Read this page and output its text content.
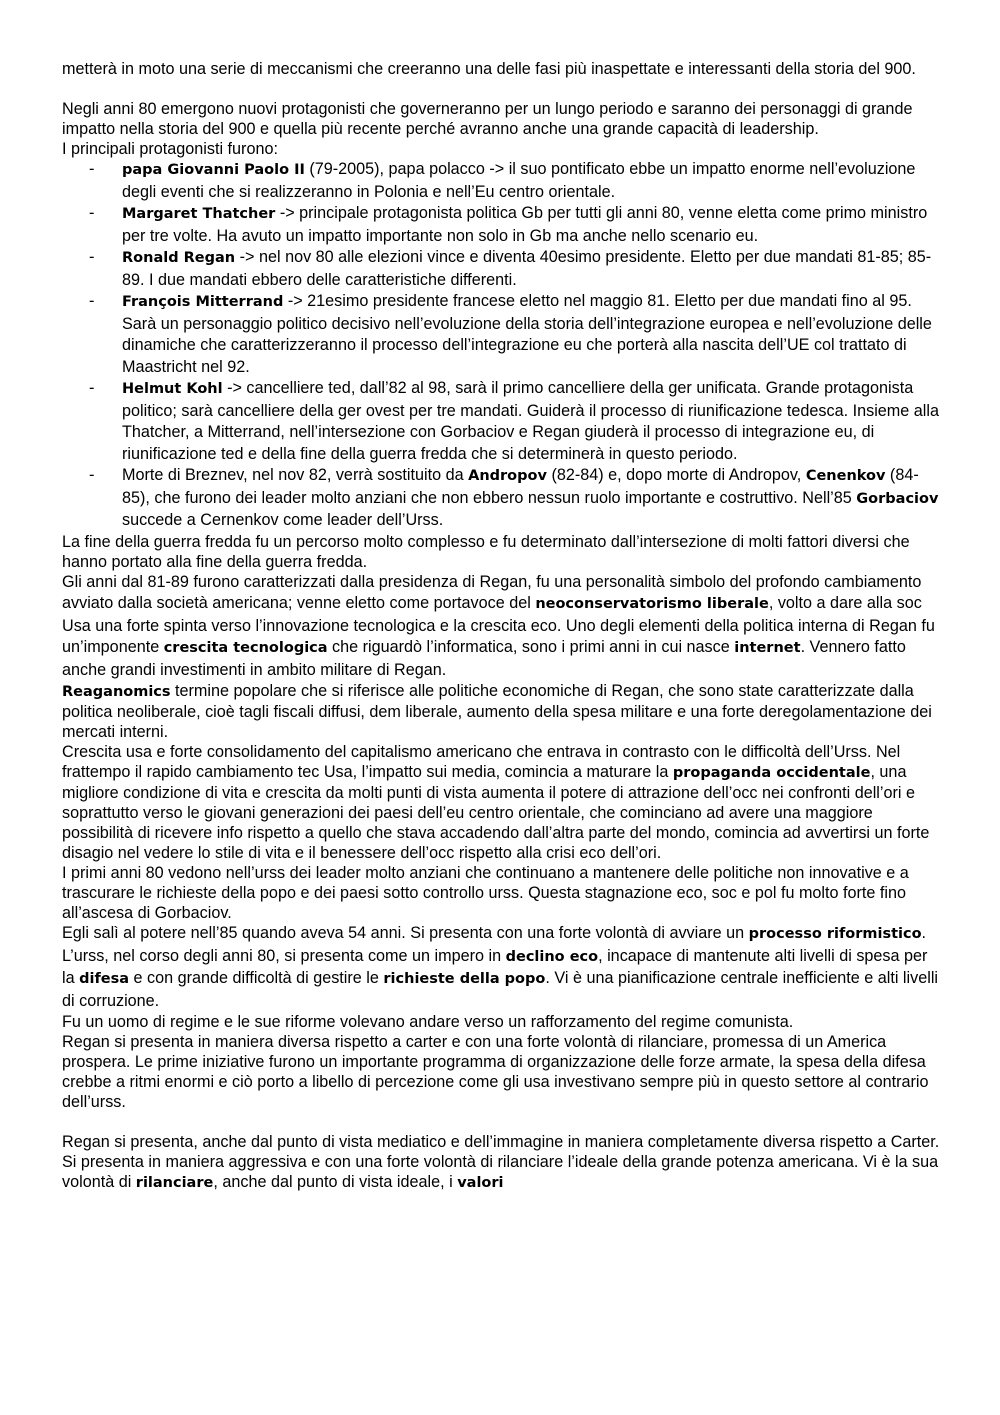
metterà in moto una serie di meccanismi che creeranno una delle fasi più inaspettate e interessanti della storia del 900.

Negli anni 80 emergono nuovi protagonisti che governeranno per un lungo periodo e saranno dei personaggi di grande impatto nella storia del 900 e quella più recente perché avranno anche una grande capacità di leadership.

I principali protagonisti furono:

- papa Giovanni Paolo II (79-2005), papa polacco -> il suo pontificato ebbe un impatto enorme nell’evoluzione degli eventi che si realizzeranno in Polonia e nell’Eu centro orientale.
- Margaret Thatcher -> principale protagonista politica Gb per tutti gli anni 80, venne eletta come primo ministro per tre volte. Ha avuto un impatto importante non solo in Gb ma anche nello scenario eu.
- Ronald Regan -> nel nov 80 alle elezioni vince e diventa 40esimo presidente. Eletto per due mandati 81-85; 85-89. I due mandati ebbero delle caratteristiche differenti.
- François Mitterrand -> 21esimo presidente francese eletto nel maggio 81. Eletto per due mandati fino al 95. Sarà un personaggio politico decisivo nell’evoluzione della storia dell’integrazione europea e nell’evoluzione delle dinamiche che caratterizzeranno il processo dell’integrazione eu che porterà alla nascita dell’UE col trattato di Maastricht nel 92.
- Helmut Kohl -> cancelliere ted, dall’82 al 98, sarà il primo cancelliere della ger unificata. Grande protagonista politico; sarà cancelliere della ger ovest per tre mandati. Guiderà il processo di riunificazione tedesca. Insieme alla Thatcher, a Mitterrand, nell’intersezione con Gorbaciov e Regan giuderà il processo di integrazione eu, di riunificazione ted e della fine della guerra fredda che si determinerà in questo periodo.
- Morte di Breznev, nel nov 82, verrà sostituito da Andropov (82-84) e, dopo morte di Andropov, Cenenkov (84-85), che furono dei leader molto anziani che non ebbero nessun ruolo importante e costruttivo. Nell’85 Gorbaciov succede a Cernenkov come leader dell’Urss.

La fine della guerra fredda fu un percorso molto complesso e fu determinato dall’intersezione di molti fattori diversi che hanno portato alla fine della guerra fredda.

Gli anni dal 81-89 furono caratterizzati dalla presidenza di Regan, fu una personalità simbolo del profondo cambiamento avviato dalla società americana; venne eletto come portavoce del neoconservatorismo liberale, volto a dare alla soc Usa una forte spinta verso l’innovazione tecnologica e la crescita eco. Uno degli elementi della politica interna di Regan fu un’imponente crescita tecnologica che riguardò l’informatica, sono i primi anni in cui nasce internet. Vennero fatto anche grandi investimenti in ambito militare di Regan.

Reaganomics termine popolare che si riferisce alle politiche economiche di Regan, che sono state caratterizzate dalla politica neoliberale, cioè tagli fiscali diffusi, dem liberale, aumento della spesa militare e una forte deregolamentazione dei mercati interni.

Crescita usa e forte consolidamento del capitalismo americano che entrava in contrasto con le difficoltà dell’Urss. Nel frattempo il rapido cambiamento tec Usa, l’impatto sui media, comincia a maturare la propaganda occidentale, una migliore condizione di vita e crescita da molti punti di vista aumenta il potere di attrazione dell’occ nei confronti dell’ori e soprattutto verso le giovani generazioni dei paesi dell’eu centro orientale, che cominciano ad avere una maggiore possibilità di ricevere info rispetto a quello che stava accadendo dall’altra parte del mondo, comincia ad avvertirsi un forte disagio nel vedere lo stile di vita e il benessere dell’occ rispetto alla crisi eco dell’ori.

I primi anni 80 vedono nell’urss dei leader molto anziani che continuano a mantenere delle politiche non innovative e a trascurare le richieste della popo e dei paesi sotto controllo urss. Questa stagnazione eco, soc e pol fu molto forte fino all’ascesa di Gorbaciov.

Egli salì al potere nell’85 quando aveva 54 anni. Si presenta con una forte volontà di avviare un processo riformistico. L’urss, nel corso degli anni 80, si presenta come un impero in declino eco, incapace di mantenute alti livelli di spesa per la difesa e con grande difficoltà di gestire le richieste della popo. Vi è una pianificazione centrale inefficiente e alti livelli di corruzione.

Fu un uomo di regime e le sue riforme volevano andare verso un rafforzamento del regime comunista.

Regan si presenta in maniera diversa rispetto a carter e con una forte volontà di rilanciare, promessa di un America prospera. Le prime iniziative furono un importante programma di organizzazione delle forze armate, la spesa della difesa crebbe a ritmi enormi e ciò porto a libello di percezione come gli usa investivano sempre più in questo settore al contrario dell’urss.

Regan si presenta, anche dal punto di vista mediatico e dell’immagine in maniera completamente diversa rispetto a Carter. Si presenta in maniera aggressiva e con una forte volontà di rilanciare l’ideale della grande potenza americana. Vi è la sua volontà di rilanciare, anche dal punto di vista ideale, i valori
